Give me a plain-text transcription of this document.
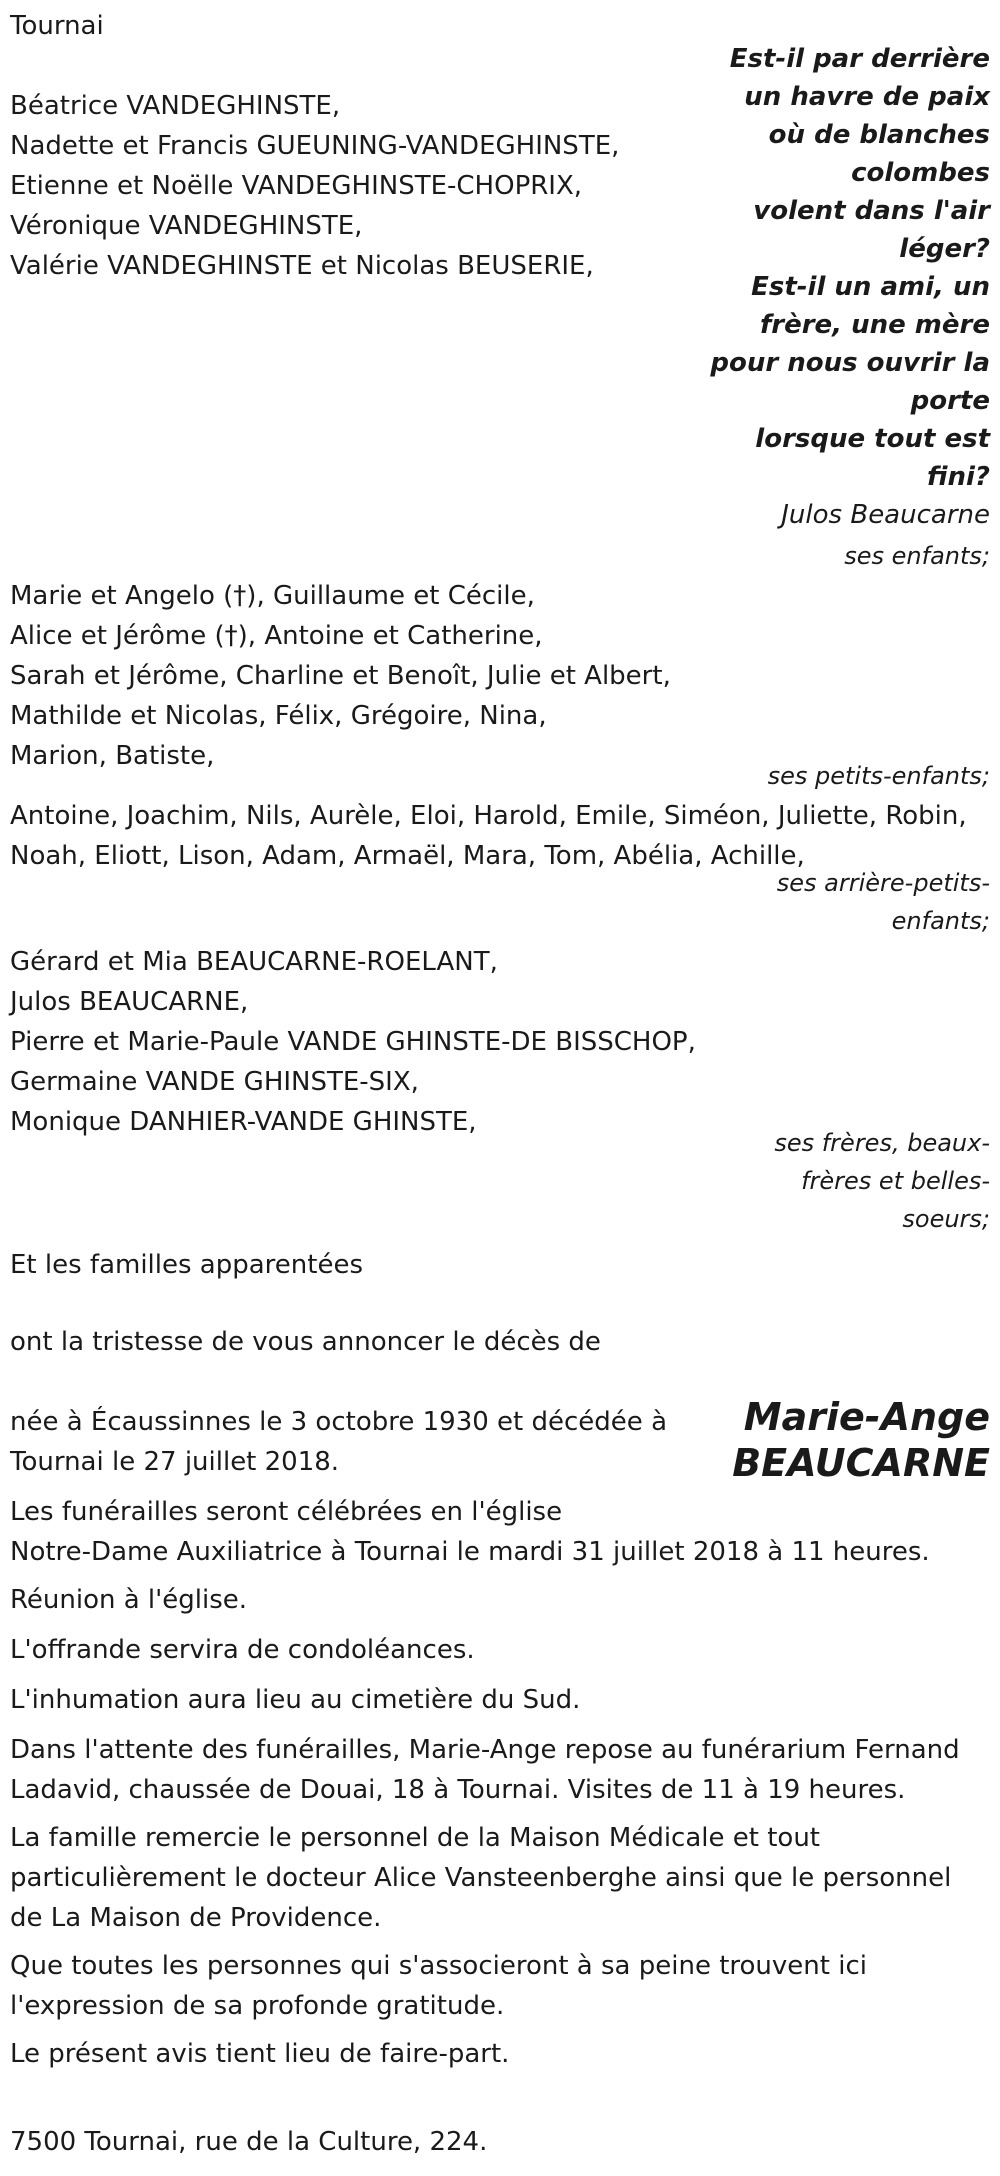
Tournai
Béatrice VANDEGHINSTE,
Nadette et Francis GUEUNING-VANDEGHINSTE,
Etienne et Noëlle VANDEGHINSTE-CHOPRIX,
Véronique VANDEGHINSTE,
Valérie VANDEGHINSTE et Nicolas BEUSERIE,
Est-il par derrière
un havre de paix
où de blanches
colombes
volent dans l'air
léger?
Est-il un ami, un
frère, une mère
pour nous ouvrir la
porte
lorsque tout est
fini?
Julos Beaucarne
ses enfants;
Marie et Angelo (†), Guillaume et Cécile,
Alice et Jérôme (†), Antoine et Catherine,
Sarah et Jérôme, Charline et Benoît, Julie et Albert,
Mathilde et Nicolas, Félix, Grégoire, Nina,
Marion, Batiste,
ses petits-enfants;
Antoine, Joachim, Nils, Aurèle, Eloi, Harold, Emile, Siméon, Juliette, Robin,
Noah, Eliott, Lison, Adam, Armaël, Mara, Tom, Abélia, Achille,
ses arrière-petits-
enfants;
Gérard et Mia BEAUCARNE-ROELANT,
Julos BEAUCARNE,
Pierre et Marie-Paule VANDE GHINSTE-DE BISSCHOP,
Germaine VANDE GHINSTE-SIX,
Monique DANHIER-VANDE GHINSTE,
ses frères, beaux-
frères et belles-
soeurs;
Et les familles apparentées
ont la tristesse de vous annoncer le décès de
Marie-Ange
BEAUCARNE
née à Écaussinnes le 3 octobre 1930 et décédée à
Tournai le 27 juillet 2018.
Les funérailles seront célébrées en l'église
Notre-Dame Auxiliatrice à Tournai le mardi 31 juillet 2018 à 11 heures.
Réunion à l'église.
L'offrande servira de condoléances.
L'inhumation aura lieu au cimetière du Sud.
Dans l'attente des funérailles, Marie-Ange repose au funérarium Fernand
Ladavid, chaussée de Douai, 18 à Tournai. Visites de 11 à 19 heures.
La famille remercie le personnel de la Maison Médicale et tout
particulièrement le docteur Alice Vansteenberghe ainsi que le personnel
de La Maison de Providence.
Que toutes les personnes qui s'associeront à sa peine trouvent ici
l'expression de sa profonde gratitude.
Le présent avis tient lieu de faire-part.
7500 Tournai, rue de la Culture, 224.
